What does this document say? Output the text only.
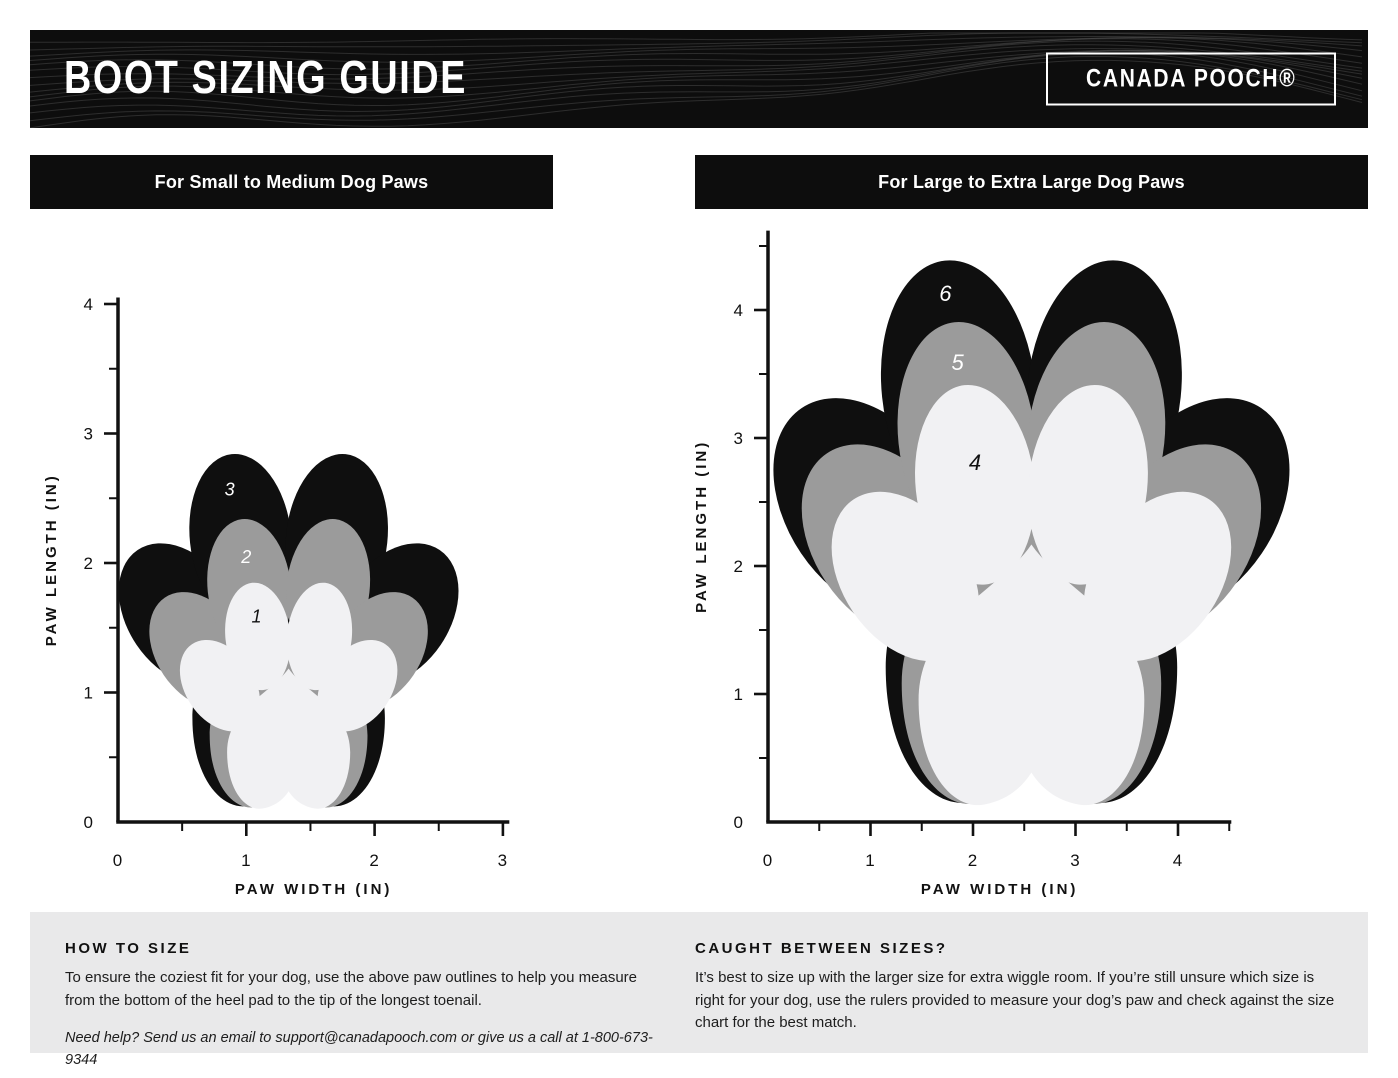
BOOT SIZING GUIDE	CANADA POOCH®
For Small to Medium Dog Paws	For Large to Extra Large Dog Paws
0	1	2	3
0
1
2
3
4
PAW WIDTH (IN)
PAW LENGTH (IN)	3
2
1
0	1	2	3	4
0
1
2
3
4
PAW WIDTH (IN)
PAW LENGTH (IN)
6
5
4
HOW TO SIZE

To ensure the coziest fit for your dog, use the above paw outlines to help you measure from the bottom of the heel pad to the tip of the longest toenail.

Need help? Send us an email to support@canadapooch.com or give us a call at 1-800-673-9344

CAUGHT BETWEEN SIZES?

It’s best to size up with the larger size for extra wiggle room. If you’re still unsure which size is right for your dog, use the rulers provided to measure your dog’s paw and check against the size chart for the best match.
